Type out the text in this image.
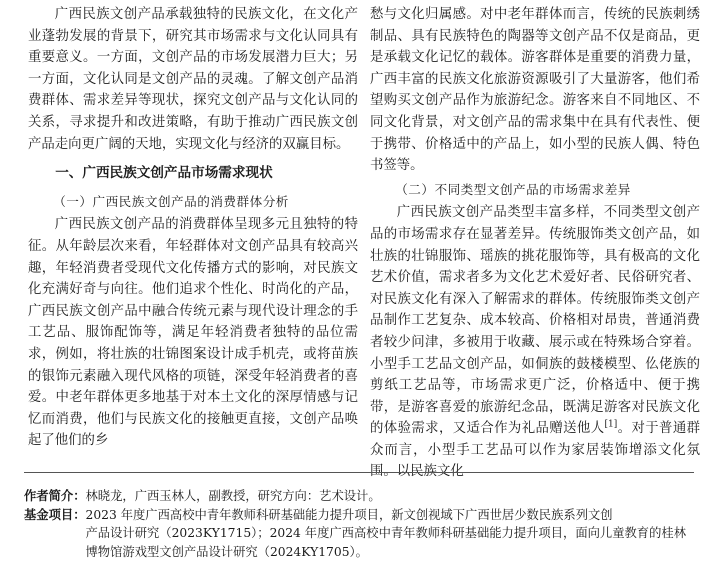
广西民族文创产品承载独特的民族文化，在文化产业蓬勃发展的背景下，研究其市场需求与文化认同具有重要意义。一方面，文创产品的市场发展潜力巨大；另一方面，文化认同是文创产品的灵魂。了解文创产品消费群体、需求差异等现状，探究文创产品与文化认同的关系，寻求提升和改进策略，有助于推动广西民族文创产品走向更广阔的天地，实现文化与经济的双赢目标。

一、广西民族文创产品市场需求现状

（一）广西民族文创产品的消费群体分析

广西民族文创产品的消费群体呈现多元且独特的特征。从年龄层次来看，年轻群体对文创产品具有较高兴趣，年轻消费者受现代文化传播方式的影响，对民族文化充满好奇与向往。他们追求个性化、时尚化的产品，广西民族文创产品中融合传统元素与现代设计理念的手工艺品、服饰配饰等，满足年轻消费者独特的品位需求，例如，将壮族的壮锦图案设计成手机壳，或将苗族的银饰元素融入现代风格的项链，深受年轻消费者的喜爱。中老年群体更多地基于对本土文化的深厚情感与记忆而消费，他们与民族文化的接触更直接，文创产品唤起了他们的乡

愁与文化归属感。对中老年群体而言，传统的民族刺绣制品、具有民族特色的陶器等文创产品不仅是商品，更是承载文化记忆的载体。游客群体是重要的消费力量，广西丰富的民族文化旅游资源吸引了大量游客，他们希望购买文创产品作为旅游纪念。游客来自不同地区、不同文化背景，对文创产品的需求集中在具有代表性、便于携带、价格适中的产品上，如小型的民族人偶、特色书签等。

（二）不同类型文创产品的市场需求差异

广西民族文创产品类型丰富多样，不同类型文创产品的市场需求存在显著差异。传统服饰类文创产品，如壮族的壮锦服饰、瑶族的挑花服饰等，具有极高的文化艺术价值，需求者多为文化艺术爱好者、民俗研究者、对民族文化有深入了解需求的群体。传统服饰类文创产品制作工艺复杂、成本较高、价格相对昂贵，普通消费者较少问津，多被用于收藏、展示或在特殊场合穿着。小型手工艺品文创产品，如侗族的鼓楼模型、仫佬族的剪纸工艺品等，市场需求更广泛，价格适中、便于携带，是游客喜爱的旅游纪念品，既满足游客对民族文化的体验需求，又适合作为礼品赠送他人[1]。对于普通群众而言，小型手工艺品可以作为家居装饰增添文化氛围。以民族文化

作者简介：林晓龙，广西玉林人，副教授，研究方向：艺术设计。
基金项目：2023 年度广西高校中青年教师科研基础能力提升项目，新文创视域下广西世居少数民族系列文创
产品设计研究（2023KY1715）；2024 年度广西高校中青年教师科研基础能力提升项目，面向儿童教育的桂林
博物馆游戏型文创产品设计研究（2024KY1705）。
